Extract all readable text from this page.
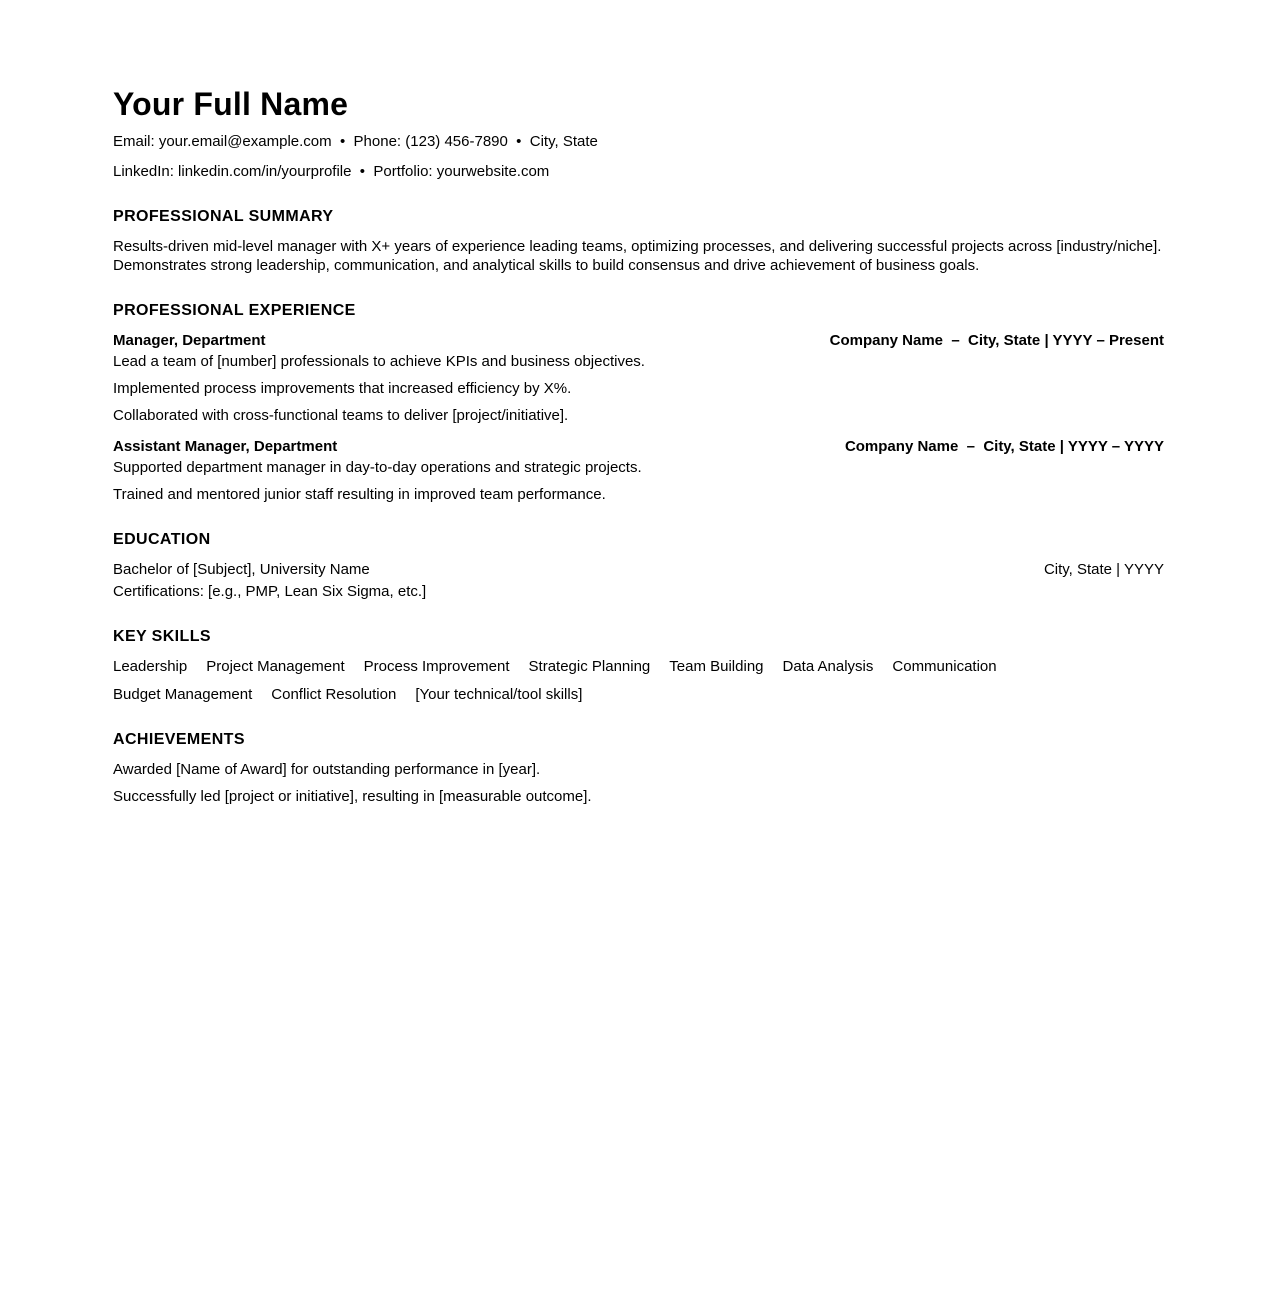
Your Full Name

Email: your.email@example.com  •  Phone: (123) 456-7890  •  City, State

LinkedIn: linkedin.com/in/yourprofile  •  Portfolio: yourwebsite.com

PROFESSIONAL SUMMARY

Results-driven mid-level manager with X+ years of experience leading teams, optimizing processes, and delivering successful projects across [industry/niche]. Demonstrates strong leadership, communication, and analytical skills to build consensus and drive achievement of business goals.

PROFESSIONAL EXPERIENCE
Manager, Department	Company Name  –  City, State | YYYY – Present

Lead a team of [number] professionals to achieve KPIs and business objectives.

Implemented process improvements that increased efficiency by X%.

Collaborated with cross-functional teams to deliver [project/initiative].

Assistant Manager, Department	Company Name  –  City, State | YYYY – YYYY

Supported department manager in day-to-day operations and strategic projects.

Trained and mentored junior staff resulting in improved team performance.

EDUCATION
Bachelor of [Subject], University Name	City, State | YYYY

Certifications: [e.g., PMP, Lean Six Sigma, etc.]

KEY SKILLS
Leadership Project Management Process Improvement Strategic Planning Team Building Data Analysis Communication
Budget Management Conflict Resolution [Your technical/tool skills]
ACHIEVEMENTS

Awarded [Name of Award] for outstanding performance in [year].

Successfully led [project or initiative], resulting in [measurable outcome].
